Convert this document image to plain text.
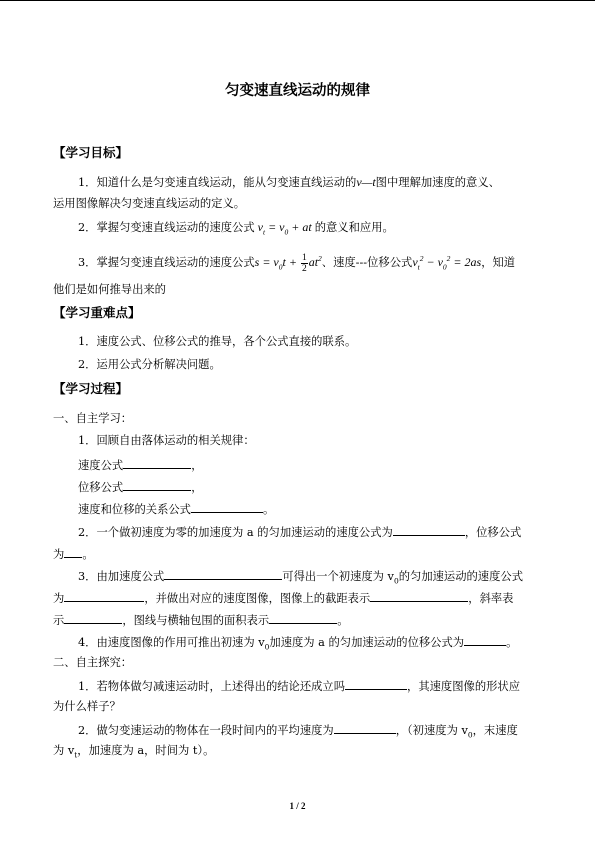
匀变速直线运动的规律
【学习目标】
1．知道什么是匀变速直线运动，能从匀变速直线运动的v—t图中理解加速度的意义、
运用图像解决匀变速直线运动的定义。
2．掌握匀变速直线运动的速度公式 $v_t = v_0$ + at 的意义和应用。
3．掌握匀变速直线运动的速度公式$s = v_0t + \frac{1}{2} at^2$、速度---位移公式$v_t^2 - v_0^2 = 2as$，知道
他们是如何推导出来的
【学习重难点】
1．速度公式、位移公式的推导，各个公式直接的联系。
2．运用公式分析解决问题。
【学习过程】
一、自主学习：
1．回顾自由落体运动的相关规律：
速度公式	，
位移公式	，
速度和位移的关系公式	。
2．一个做初速度为零的加速度为 a 的匀加速运动的速度公式为	，位移公式
为 。
3．由加速度公式	可得出一个初速度为 $v_0$的匀加速运动的速度公式
为	，并做出对应的速度图像，图像上的截距表示	，斜率表
示	，图线与横轴包围的面积表示	。
4．由速度图像的作用可推出初速为 $v_0$加速度为 a 的匀加速运动的位移公式为	。
二、自主探究：
1．若物体做匀减速运动时，上述得出的结论还成立吗	，其速度图像的形状应
为什么样子？
2．做匀变速运动的物体在一段时间内的平均速度为	，（初速度为 $v_0$，末速度
为 $v_t$，加速度为 a，时间为 t）。
1 / 2
